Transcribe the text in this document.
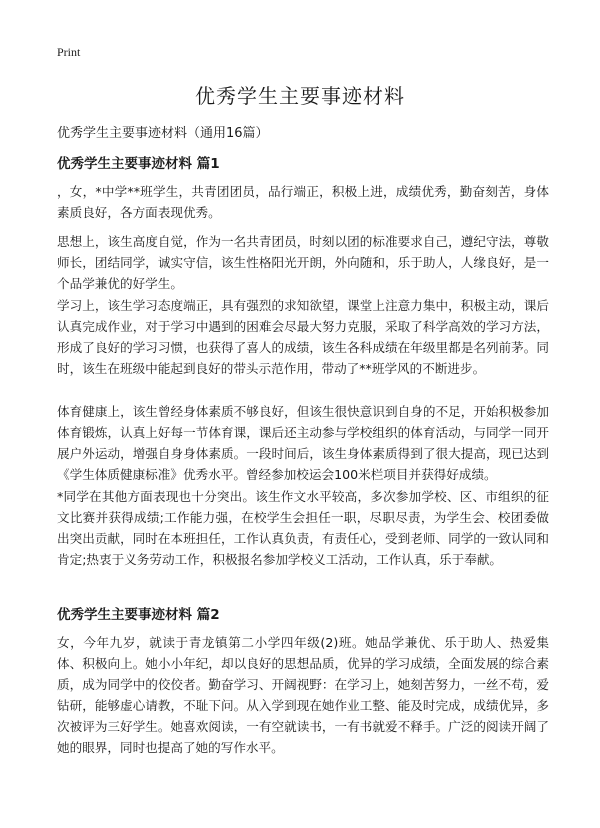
Print
优秀学生主要事迹材料

优秀学生主要事迹材料（通用16篇）

优秀学生主要事迹材料 篇1

，女，*中学**班学生，共青团团员，品行端正，积极上进，成绩优秀，勤奋刻苦，身体素质良好，各方面表现优秀。

思想上，该生高度自觉，作为一名共青团员，时刻以团的标准要求自己，遵纪守法，尊敬师长，团结同学，诚实守信，该生性格阳光开朗，外向随和，乐于助人，人缘良好，是一个品学兼优的好学生。

学习上，该生学习态度端正，具有强烈的求知欲望，课堂上注意力集中，积极主动，课后认真完成作业，对于学习中遇到的困难会尽最大努力克服，采取了科学高效的学习方法，形成了良好的学习习惯，也获得了喜人的成绩，该生各科成绩在年级里都是名列前茅。同时，该生在班级中能起到良好的带头示范作用，带动了**班学风的不断进步。

体育健康上，该生曾经身体素质不够良好，但该生很快意识到自身的不足，开始积极参加体育锻炼，认真上好每一节体育课，课后还主动参与学校组织的体育活动，与同学一同开展户外运动，增强自身身体素质。一段时间后，该生身体素质得到了很大提高，现已达到《学生体质健康标准》优秀水平。曾经参加校运会100米栏项目并获得好成绩。

*同学在其他方面表现也十分突出。该生作文水平较高，多次参加学校、区、市组织的征文比赛并获得成绩;工作能力强，在校学生会担任一职，尽职尽责，为学生会、校团委做出突出贡献，同时在本班担任，工作认真负责，有责任心，受到老师、同学的一致认同和肯定;热衷于义务劳动工作，积极报名参加学校义工活动，工作认真，乐于奉献。

优秀学生主要事迹材料 篇2

女，今年九岁，就读于青龙镇第二小学四年级(2)班。她品学兼优、乐于助人、热爱集体、积极向上。她小小年纪，却以良好的思想品质，优异的学习成绩，全面发展的综合素质，成为同学中的佼佼者。勤奋学习、开阔视野：在学习上，她刻苦努力，一丝不苟，爱钻研，能够虚心请教，不耻下问。从入学到现在她作业工整、能及时完成，成绩优异，多次被评为三好学生。她喜欢阅读，一有空就读书，一有书就爱不释手。广泛的阅读开阔了她的眼界，同时也提高了她的写作水平。
